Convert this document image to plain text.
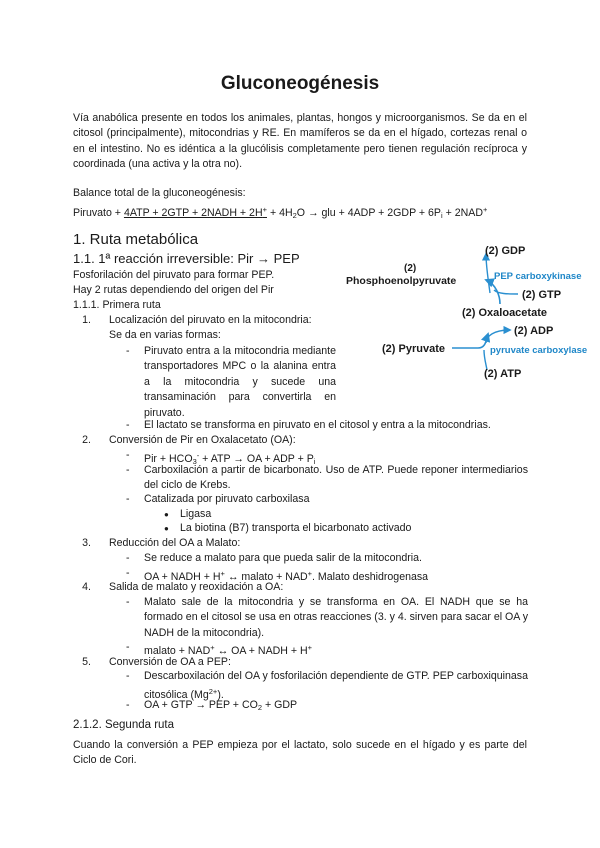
Gluconeogénesis

Vía anabólica presente en todos los animales, plantas, hongos y microorganismos. Se da en el citosol (principalmente), mitocondrias y RE. En mamíferos se da en el hígado, cortezas renal o en el intestino. No es idéntica a la glucólisis completamente pero tienen regulación recíproca y coordinada (una activa y la otra no).

Balance total de la gluconeogénesis:
Piruvato + 4ATP + 2GTP + 2NADH + $2H^+ + 4H_2O$ → glu + $4ADP + 2GDP + 6P_i + 2NAD^+$
1. Ruta metabólica
1.1. 1ª reacción irreversible: Pir → PEP
Fosforilación del piruvato para formar PEP.
Hay 2 rutas dependiendo del origen del Pir
1.1.1. Primera ruta
1. Localización del piruvato en la mitocondria:
Se da en varias formas:
- Piruvato entra a la mitocondria mediante transportadores MPC o la alanina entra a la mitocondria y sucede una transaminación para convertirla en piruvato.
- El lactato se transforma en piruvato en el citosol y entra a la mitocondrias.
2. Conversión de Pir en Oxalacetato (OA):
- Pir + $HCO_3^-$ + ATP → OA + ADP + $P_i$
- Carboxilación a partir de bicarbonato. Uso de ATP. Puede reponer intermediarios del ciclo de Krebs.
- Catalizada por piruvato carboxilasa
● Ligasa
● La biotina (B7) transporta el bicarbonato activado
3. Reducción del OA a Malato:
- Se reduce a malato para que pueda salir de la mitocondria.
- OA + NADH + H+ ↔ malato + NAD+. Malato deshidrogenasa
4. Salida de malato y reoxidación a OA:
- Malato sale de la mitocondria y se transforma en OA. El NADH que se ha formado en el citosol se usa en otras reacciones (3. y 4. sirven para sacar el OA y NADH de la mitocondria).
- malato + NAD+ ↔ OA + NADH + H+
5. Conversión de OA a PEP:
- Descarboxilación del OA y fosforilación dependiente de GTP. PEP carboxiquinasa citosólica $(Mg^{2+})$.
- OA + GTP → PEP + $CO_2$ + GDP
2.1.2. Segunda ruta
Cuando la conversión a PEP empieza por el lactato, solo sucede en el hígado y es parte del Ciclo de Cori.
(2) GDP
(2)
Phosphoenolpyruvate	PEP carboxykinase
(2) GTP
(2) Oxaloacetate
(2) ADP
(2) Pyruvate	pyruvate carboxylase
(2) ATP
